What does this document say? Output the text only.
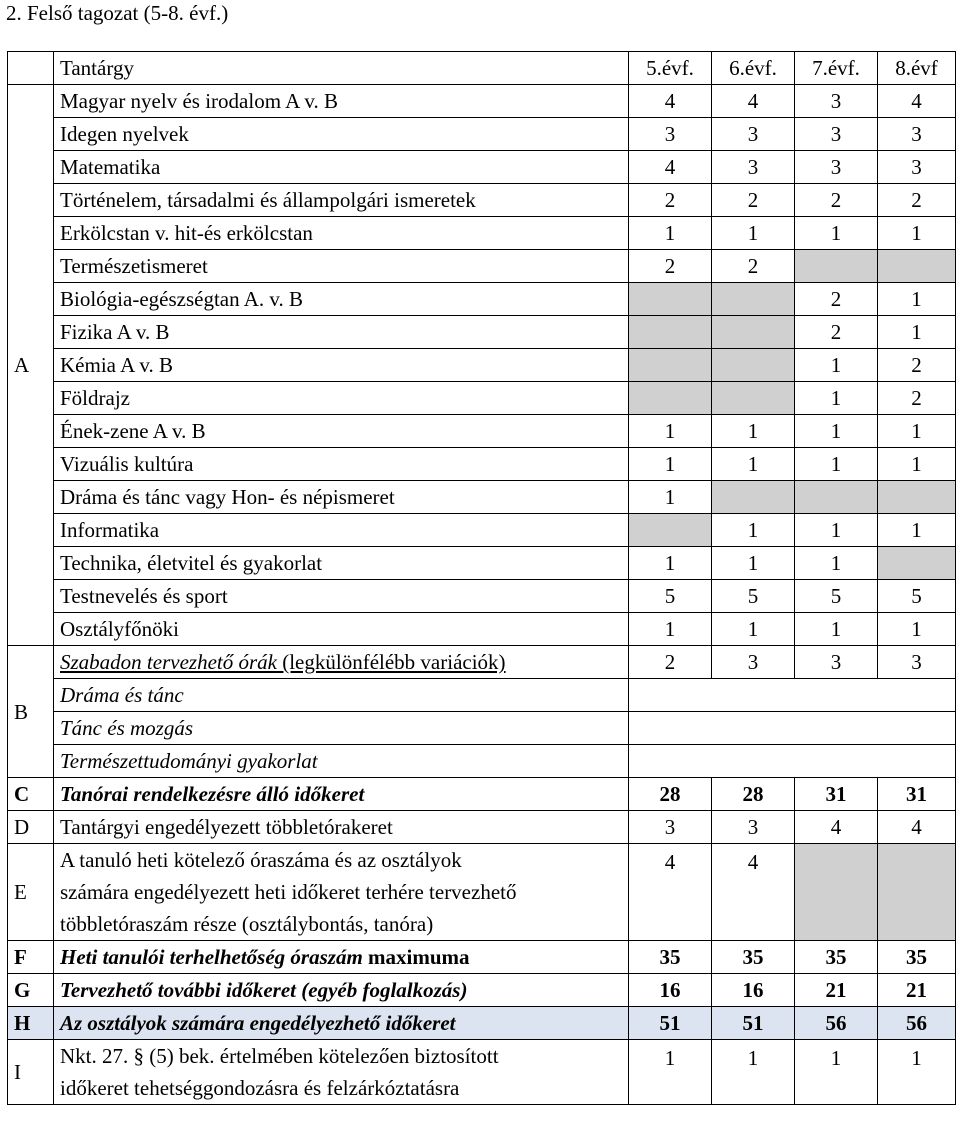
2. Felső tagozat (5-8. évf.)
	Tantárgy	5.évf.	6.évf.	7.évf.	8.évf
A	Magyar nyelv és irodalom A v. B	4	4	3	4
	Idegen nyelvek	3	3	3	3
	Matematika	4	3	3	3
	Történelem, társadalmi és állampolgári ismeretek	2	2	2	2
	Erkölcstan v. hit-és erkölcstan	1	1	1	1
	Természetismeret	2	2		
	Biológia-egészségtan A. v. B			2	1
	Fizika A v. B			2	1
	Kémia A v. B			1	2
	Földrajz			1	2
	Ének-zene A v. B	1	1	1	1
	Vizuális kultúra	1	1	1	1
	Dráma és tánc vagy Hon- és népismeret	1			
	Informatika		1	1	1
	Technika, életvitel és gyakorlat	1	1	1	
	Testnevelés és sport	5	5	5	5
	Osztályfőnöki	1	1	1	1
B	Szabadon tervezhető órák (legkülönfélébb variációk)	2	3	3	3
	Dráma és tánc				
	Tánc és mozgás				
	Természettudományi gyakorlat				
C	Tanórai rendelkezésre álló időkeret	28	28	31	31
D	Tantárgyi engedélyezett többletórakeret	3	3	4	4
E	A tanuló heti kötelező óraszáma és az osztályok
számára engedélyezett heti időkeret terhére tervezhető
többletóraszám része (osztálybontás, tanóra)	4	4		
F	Heti tanulói terhelhetőség óraszám maximuma	35	35	35	35
G	Tervezhető további időkeret (egyéb foglalkozás)	16	16	21	21
H	Az osztályok számára engedélyezhető időkeret	51	51	56	56
I	Nkt. 27. § (5) bek. értelmében kötelezően biztosított
időkeret tehetséggondozásra és felzárkóztatásra	1	1	1	1
